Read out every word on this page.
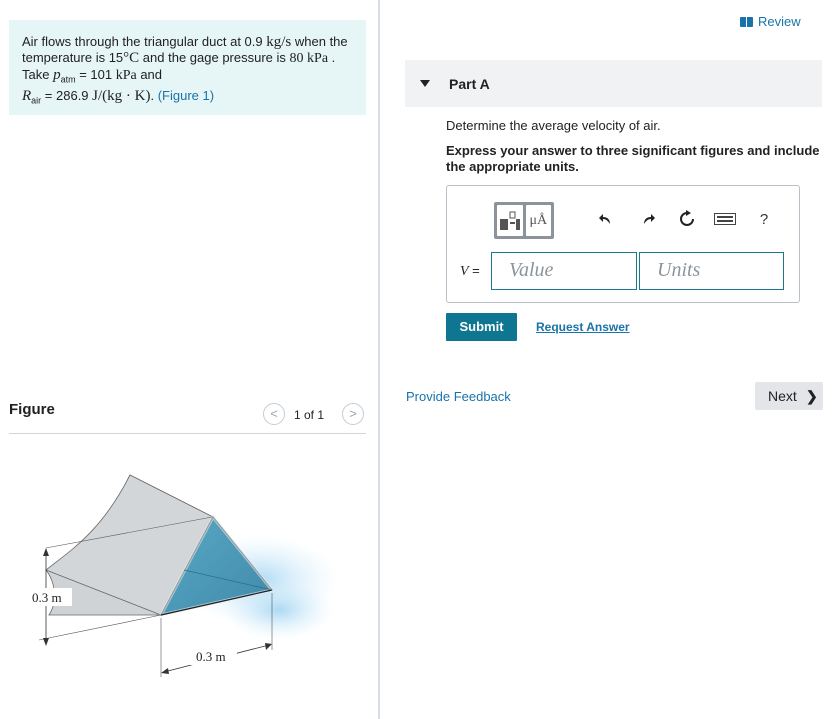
Air flows through the triangular duct at 0.9 kg/s when the temperature is 15°C and the gage pressure is 80 kPa . Take $p_{atm} = 101$ kPa and
$R_{air} = 286.9$ J/(kg · K). (Figure 1)
Figure	<	1 of 1	>
0.3 m
0.3 m
Review
Part A
Determine the average velocity of air.
Express your answer to three significant figures and include the appropriate units.
μÅ	?
V =	Value	Units
Submit	Request Answer
Provide Feedback	Next ❯
